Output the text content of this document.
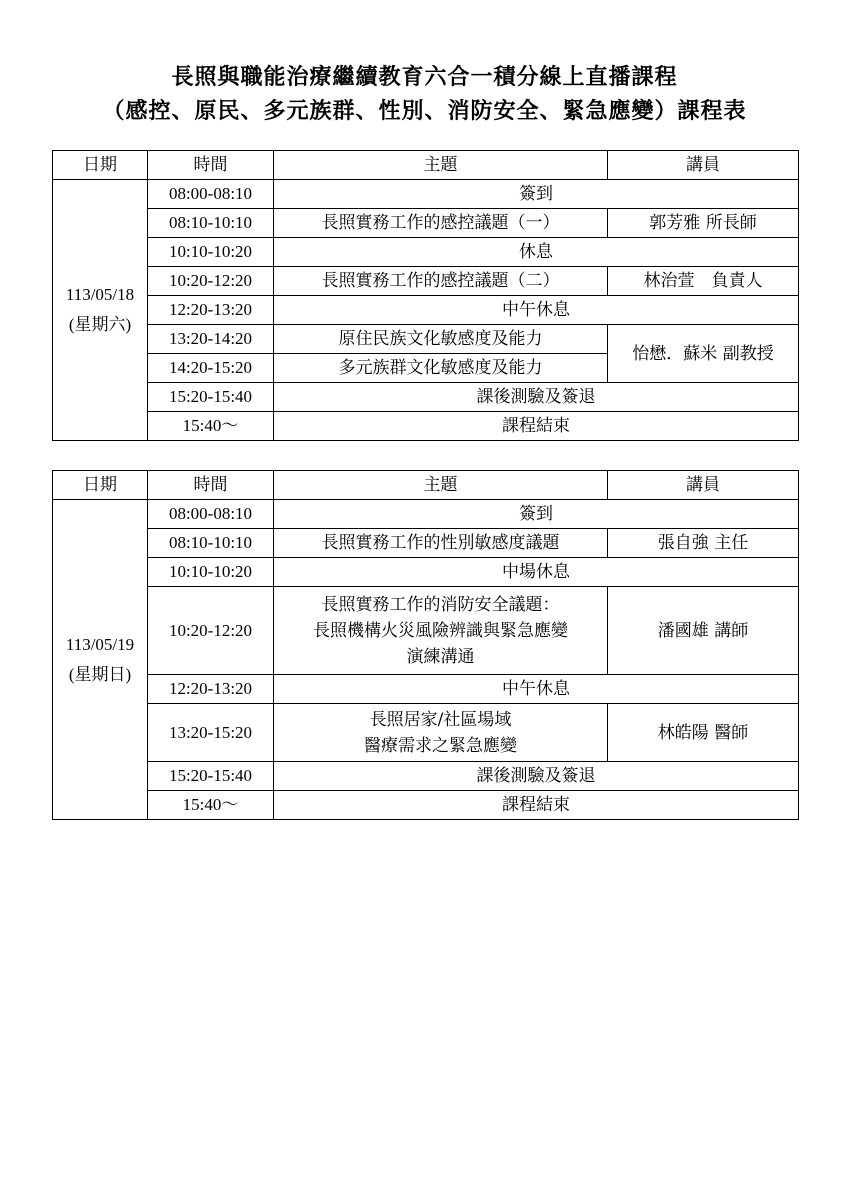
長照與職能治療繼續教育六合一積分線上直播課程
（感控、原民、多元族群、性別、消防安全、緊急應變）課程表
日期	時間	主題	講員

113/05/18
(星期六)	08:00-08:10	簽到	
	08:10-10:10	長照實務工作的感控議題（一）	郭芳雅 所長師
	10:10-10:20	休息	
	10:20-12:20	長照實務工作的感控議題（二）	林治萱　負責人
	12:20-13:20	中午休息	
	13:20-14:20	原住民族文化敏感度及能力	怡懋．蘇米 副教授
	14:20-15:20	多元族群文化敏感度及能力	
	15:20-15:40	課後測驗及簽退	
	15:40～	課程結束	
日期	時間	主題	講員

113/05/19
(星期日)	08:00-08:10	簽到	
	08:10-10:10	長照實務工作的性別敏感度議題	張自強 主任
	10:10-10:20	中場休息	
	10:20-12:20	長照實務工作的消防安全議題：
長照機構火災風險辨識與緊急應變
演練溝通	潘國雄 講師
	12:20-13:20	中午休息	
	13:20-15:20	長照居家/社區場域
醫療需求之緊急應變	林皓陽 醫師
	15:20-15:40	課後測驗及簽退	
	15:40～	課程結束	
